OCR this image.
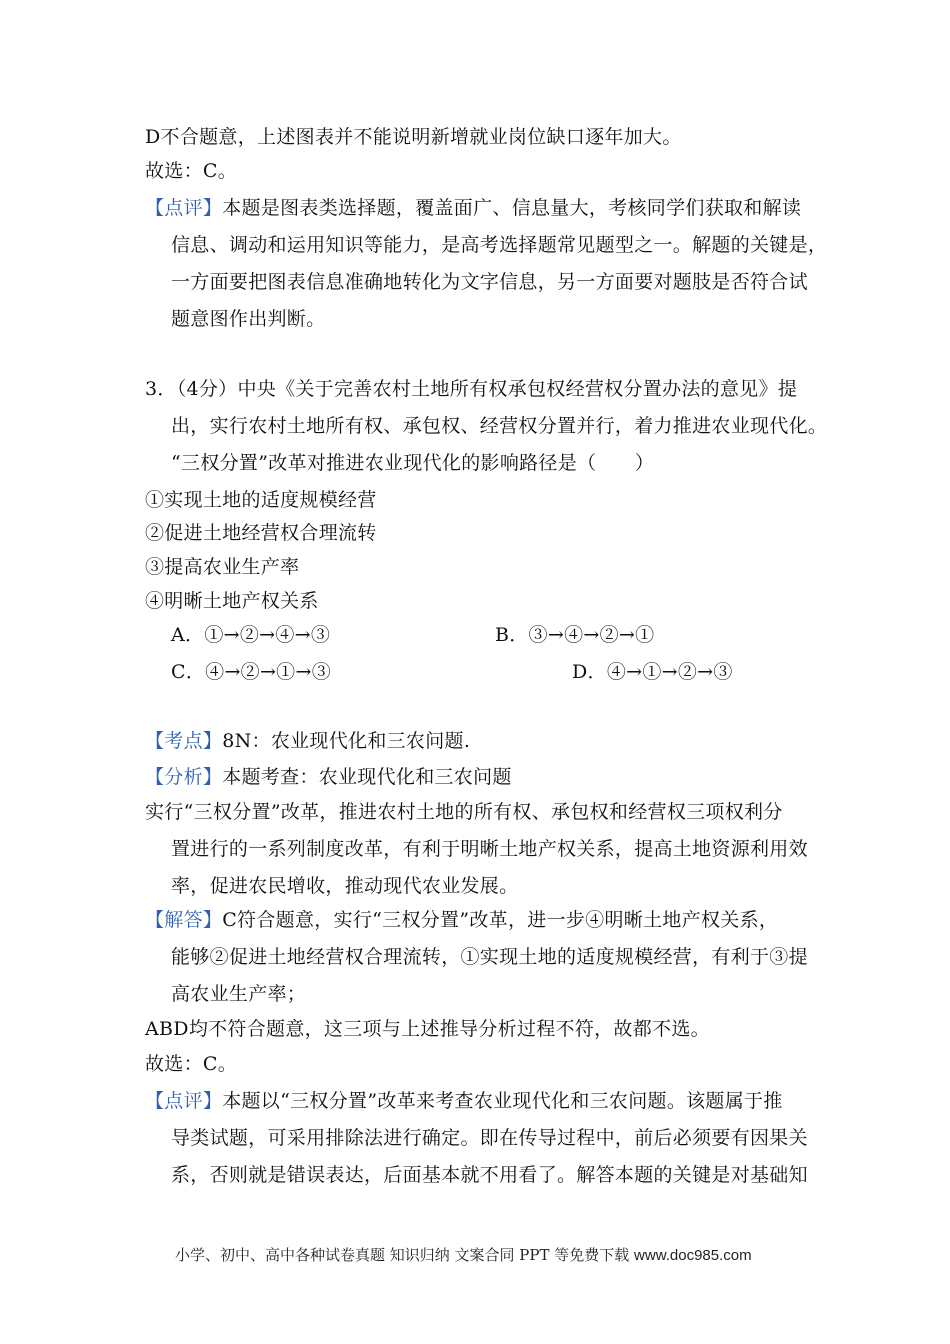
D不合题意，上述图表并不能说明新增就业岗位缺口逐年加大。
故选：C。
【点评】本题是图表类选择题，覆盖面广、信息量大，考核同学们获取和解读
信息、调动和运用知识等能力，是高考选择题常见题型之一。解题的关键是，
一方面要把图表信息准确地转化为文字信息，另一方面要对题肢是否符合试
题意图作出判断。
3．（4分）中央《关于完善农村土地所有权承包权经营权分置办法的意见》提
出，实行农村土地所有权、承包权、经营权分置并行，着力推进农业现代化。
“三权分置”改革对推进农业现代化的影响路径是（　　）
①实现土地的适度规模经营
②促进土地经营权合理流转
③提高农业生产率
④明晰土地产权关系
A．①→②→④→③	B．③→④→②→①
C．④→②→①→③	D．④→①→②→③
【考点】8N：农业现代化和三农问题.
【分析】本题考查：农业现代化和三农问题
实行“三权分置”改革，推进农村土地的所有权、承包权和经营权三项权利分
置进行的一系列制度改革，有利于明晰土地产权关系，提高土地资源利用效
率，促进农民增收，推动现代农业发展。
【解答】C符合题意，实行“三权分置”改革，进一步④明晰土地产权关系，
能够②促进土地经营权合理流转，①实现土地的适度规模经营，有利于③提
高农业生产率；
ABD均不符合题意，这三项与上述推导分析过程不符，故都不选。
故选：C。
【点评】本题以“三权分置”改革来考查农业现代化和三农问题。该题属于推
导类试题，可采用排除法进行确定。即在传导过程中，前后必须要有因果关
系，否则就是错误表达，后面基本就不用看了。解答本题的关键是对基础知
小学、初中、高中各种试卷真题 知识归纳 文案合同 PPT 等免费下载 www.doc985.com
